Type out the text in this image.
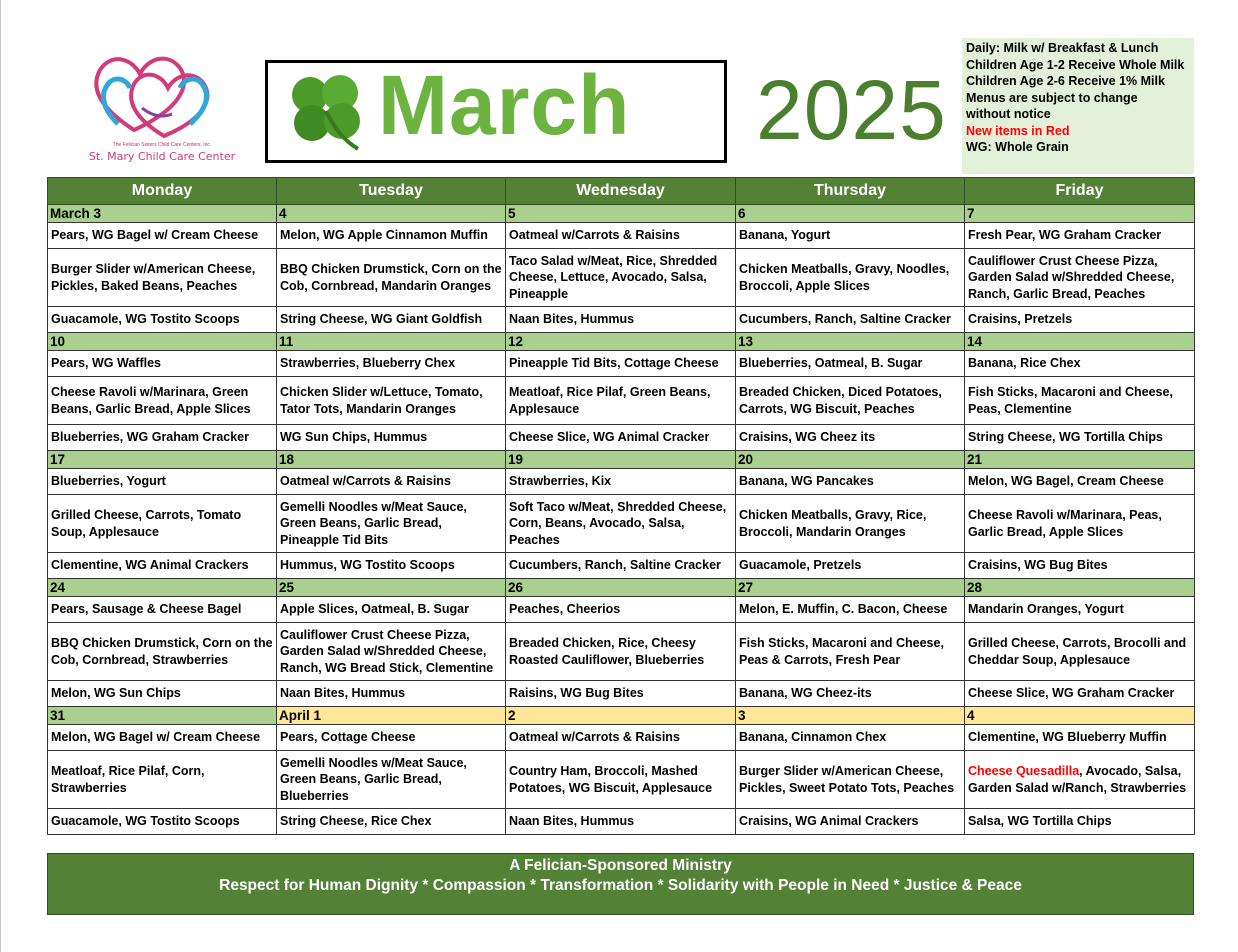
The Felician Sisters Child Care Centers, Inc.
St. Mary Child Care Center
March 2025
Daily: Milk w/ Breakfast & Lunch
Children Age 1-2 Receive Whole Milk
Children Age 2-6 Receive 1% Milk
Menus are subject to change
without notice
New items in Red
WG: Whole Grain
Monday	Tuesday	Wednesday	Thursday	Friday
March 3	4	5	6	7
Pears, WG Bagel w/ Cream Cheese	Melon, WG Apple Cinnamon Muffin	Oatmeal w/Carrots & Raisins	Banana, Yogurt	Fresh Pear, WG Graham Cracker
Burger Slider w/American Cheese, Pickles, Baked Beans, Peaches	BBQ Chicken Drumstick, Corn on the Cob, Cornbread, Mandarin Oranges	Taco Salad w/Meat, Rice, Shredded Cheese, Lettuce, Avocado, Salsa, Pineapple	Chicken Meatballs, Gravy, Noodles, Broccoli, Apple Slices	Cauliflower Crust Cheese Pizza, Garden Salad w/Shredded Cheese, Ranch, Garlic Bread, Peaches
Guacamole, WG Tostito Scoops	String Cheese, WG Giant Goldfish	Naan Bites, Hummus	Cucumbers, Ranch, Saltine Cracker	Craisins, Pretzels
10	11	12	13	14
Pears, WG Waffles	Strawberries, Blueberry Chex	Pineapple Tid Bits, Cottage Cheese	Blueberries, Oatmeal, B. Sugar	Banana, Rice Chex
Cheese Ravoli w/Marinara, Green Beans, Garlic Bread, Apple Slices	Chicken Slider w/Lettuce, Tomato, Tator Tots, Mandarin Oranges	Meatloaf, Rice Pilaf, Green Beans, Applesauce	Breaded Chicken, Diced Potatoes, Carrots, WG Biscuit, Peaches	Fish Sticks, Macaroni and Cheese, Peas, Clementine
Blueberries, WG Graham Cracker	WG Sun Chips, Hummus	Cheese Slice, WG Animal Cracker	Craisins, WG Cheez its	String Cheese, WG Tortilla Chips
17	18	19	20	21
Blueberries, Yogurt	Oatmeal w/Carrots & Raisins	Strawberries, Kix	Banana, WG Pancakes	Melon, WG Bagel, Cream Cheese
Grilled Cheese, Carrots, Tomato Soup, Applesauce	Gemelli Noodles w/Meat Sauce, Green Beans, Garlic Bread, Pineapple Tid Bits	Soft Taco w/Meat, Shredded Cheese, Corn, Beans, Avocado, Salsa, Peaches	Chicken Meatballs, Gravy, Rice, Broccoli, Mandarin Oranges	Cheese Ravoli w/Marinara, Peas, Garlic Bread, Apple Slices
Clementine, WG Animal Crackers	Hummus, WG Tostito Scoops	Cucumbers, Ranch, Saltine Cracker	Guacamole, Pretzels	Craisins, WG Bug Bites
24	25	26	27	28
Pears, Sausage & Cheese Bagel	Apple Slices, Oatmeal, B. Sugar	Peaches, Cheerios	Melon, E. Muffin, C. Bacon, Cheese	Mandarin Oranges, Yogurt
BBQ Chicken Drumstick, Corn on the Cob, Cornbread, Strawberries	Cauliflower Crust Cheese Pizza, Garden Salad w/Shredded Cheese, Ranch, WG Bread Stick, Clementine	Breaded Chicken, Rice, Cheesy Roasted Cauliflower, Blueberries	Fish Sticks, Macaroni and Cheese, Peas & Carrots, Fresh Pear	Grilled Cheese, Carrots, Brocolli and Cheddar Soup, Applesauce
Melon, WG Sun Chips	Naan Bites, Hummus	Raisins, WG Bug Bites	Banana, WG Cheez-its	Cheese Slice, WG Graham Cracker
31	April 1	2	3	4
Melon, WG Bagel w/ Cream Cheese	Pears, Cottage Cheese	Oatmeal w/Carrots & Raisins	Banana, Cinnamon Chex	Clementine, WG Blueberry Muffin
Meatloaf, Rice Pilaf, Corn, Strawberries	Gemelli Noodles w/Meat Sauce, Green Beans, Garlic Bread, Blueberries	Country Ham, Broccoli, Mashed Potatoes, WG Biscuit, Applesauce	Burger Slider w/American Cheese, Pickles, Sweet Potato Tots, Peaches	Cheese Quesadilla, Avocado, Salsa, Garden Salad w/Ranch, Strawberries
Guacamole, WG Tostito Scoops	String Cheese, Rice Chex	Naan Bites, Hummus	Craisins, WG Animal Crackers	Salsa, WG Tortilla Chips
A Felician-Sponsored Ministry
Respect for Human Dignity * Compassion * Transformation * Solidarity with People in Need * Justice & Peace
